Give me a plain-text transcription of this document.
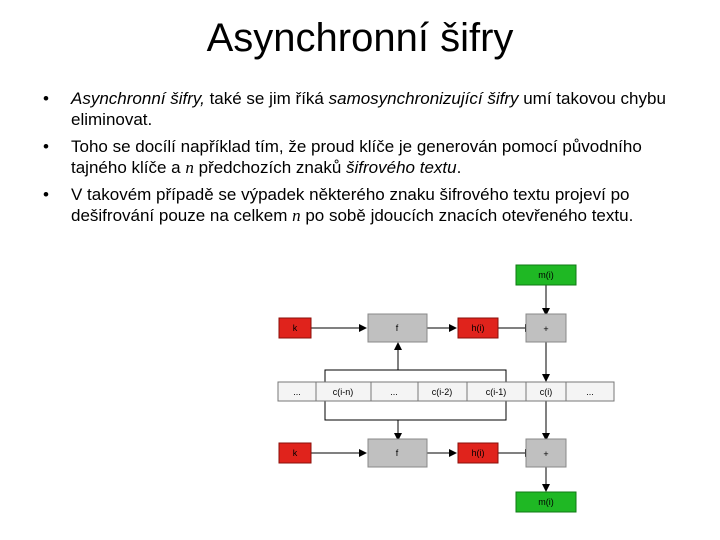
Asynchronní šifry
• Asynchronní šifry, také se jim říká samosynchronizující šifry umí takovou chybu eliminovat.
• Toho se docílí například tím, že proud klíče je generován pomocí původního tajného klíče a n předchozích znaků šifrového textu.
• V takovém případě se výpadek některého znaku šifrového textu projeví po dešifrování pouze na celkem n po sobě jdoucích znacích otevřeného textu.
m(i)
k	f	h(i)	+
...	c(i-n)	...	c(i-2)	c(i-1)	c(i)	...
k	f	h(i)	+
m(i)
